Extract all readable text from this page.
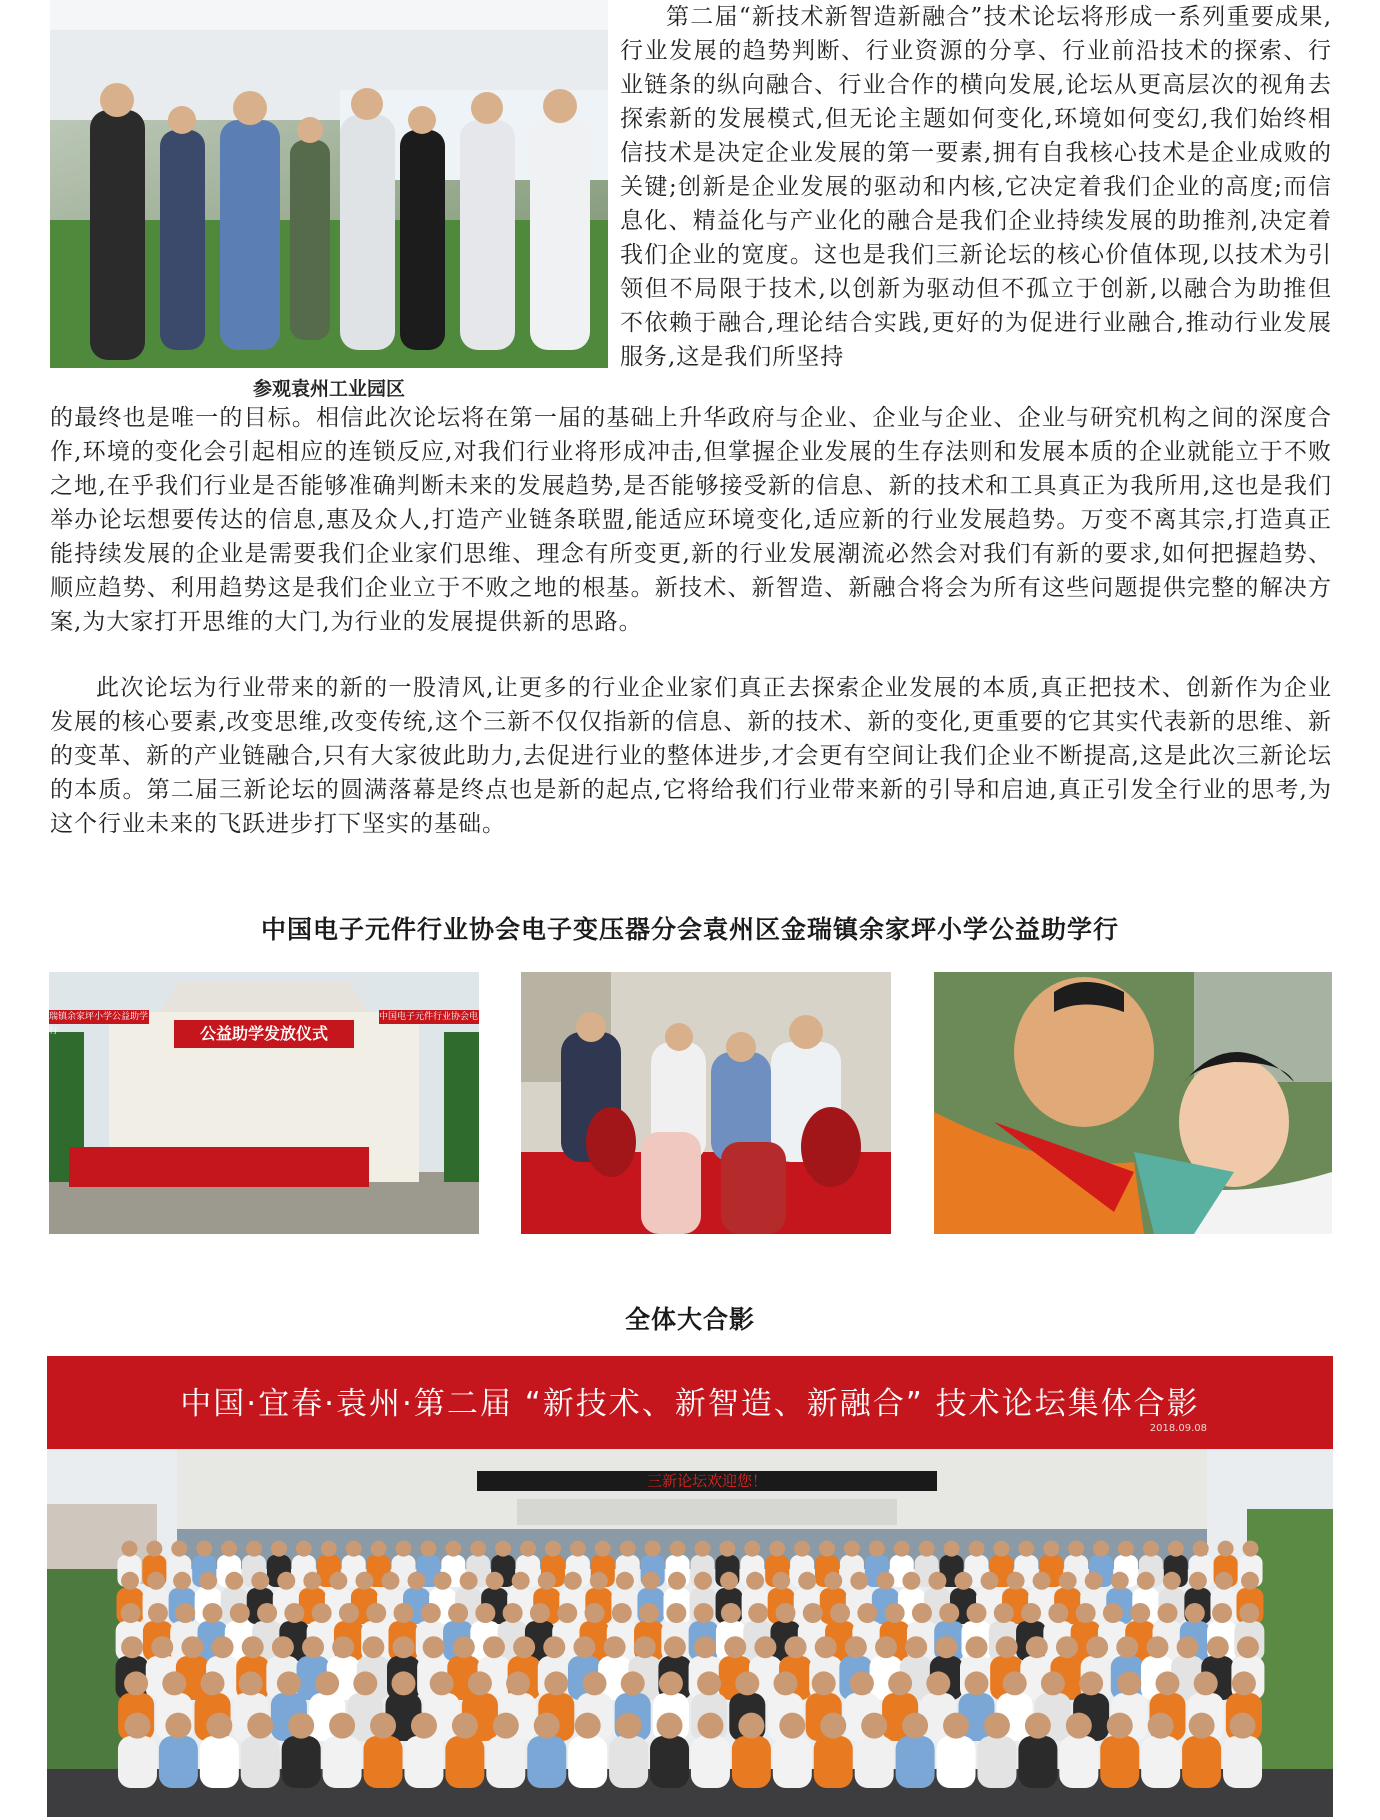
参观袁州工业园区
第二届“新技术新智造新融合”技术论坛将形成一系列重要成果,行业发展的趋势判断、行业资源的分享、行业前沿技术的探索、行业链条的纵向融合、行业合作的横向发展,论坛从更高层次的视角去探索新的发展模式,但无论主题如何变化,环境如何变幻,我们始终相信技术是决定企业发展的第一要素,拥有自我核心技术是企业成败的关键;创新是企业发展的驱动和内核,它决定着我们企业的高度;而信息化、精益化与产业化的融合是我们企业持续发展的助推剂,决定着我们企业的宽度。这也是我们三新论坛的核心价值体现,以技术为引领但不局限于技术,以创新为驱动但不孤立于创新,以融合为助推但不依赖于融合,理论结合实践,更好的为促进行业融合,推动行业发展服务,这是我们所坚持
的最终也是唯一的目标。相信此次论坛将在第一届的基础上升华政府与企业、企业与企业、企业与研究机构之间的深度合作,环境的变化会引起相应的连锁反应,对我们行业将形成冲击,但掌握企业发展的生存法则和发展本质的企业就能立于不败之地,在乎我们行业是否能够准确判断未来的发展趋势,是否能够接受新的信息、新的技术和工具真正为我所用,这也是我们举办论坛想要传达的信息,惠及众人,打造产业链条联盟,能适应环境变化,适应新的行业发展趋势。万变不离其宗,打造真正能持续发展的企业是需要我们企业家们思维、理念有所变更,新的行业发展潮流必然会对我们有新的要求,如何把握趋势、顺应趋势、利用趋势这是我们企业立于不败之地的根基。新技术、新智造、新融合将会为所有这些问题提供完整的解决方案,为大家打开思维的大门,为行业的发展提供新的思路。
此次论坛为行业带来的新的一股清风,让更多的行业企业家们真正去探索企业发展的本质,真正把技术、创新作为企业发展的核心要素,改变思维,改变传统,这个三新不仅仅指新的信息、新的技术、新的变化,更重要的它其实代表新的思维、新的变革、新的产业链融合,只有大家彼此助力,去促进行业的整体进步,才会更有空间让我们企业不断提高,这是此次三新论坛的本质。第二届三新论坛的圆满落幕是终点也是新的起点,它将给我们行业带来新的引导和启迪,真正引发全行业的思考,为这个行业未来的飞跃进步打下坚实的基础。
中国电子元件行业协会电子变压器分会袁州区金瑞镇余家坪小学公益助学行
瑞镇余家坪小学公益助学行
中国电子元件行业协会电
公益助学发放仪式
全体大合影
中国·宜春·袁州·第二届 “新技术、新智造、新融合” 技术论坛集体合影
2018.09.08
三新论坛欢迎您！
